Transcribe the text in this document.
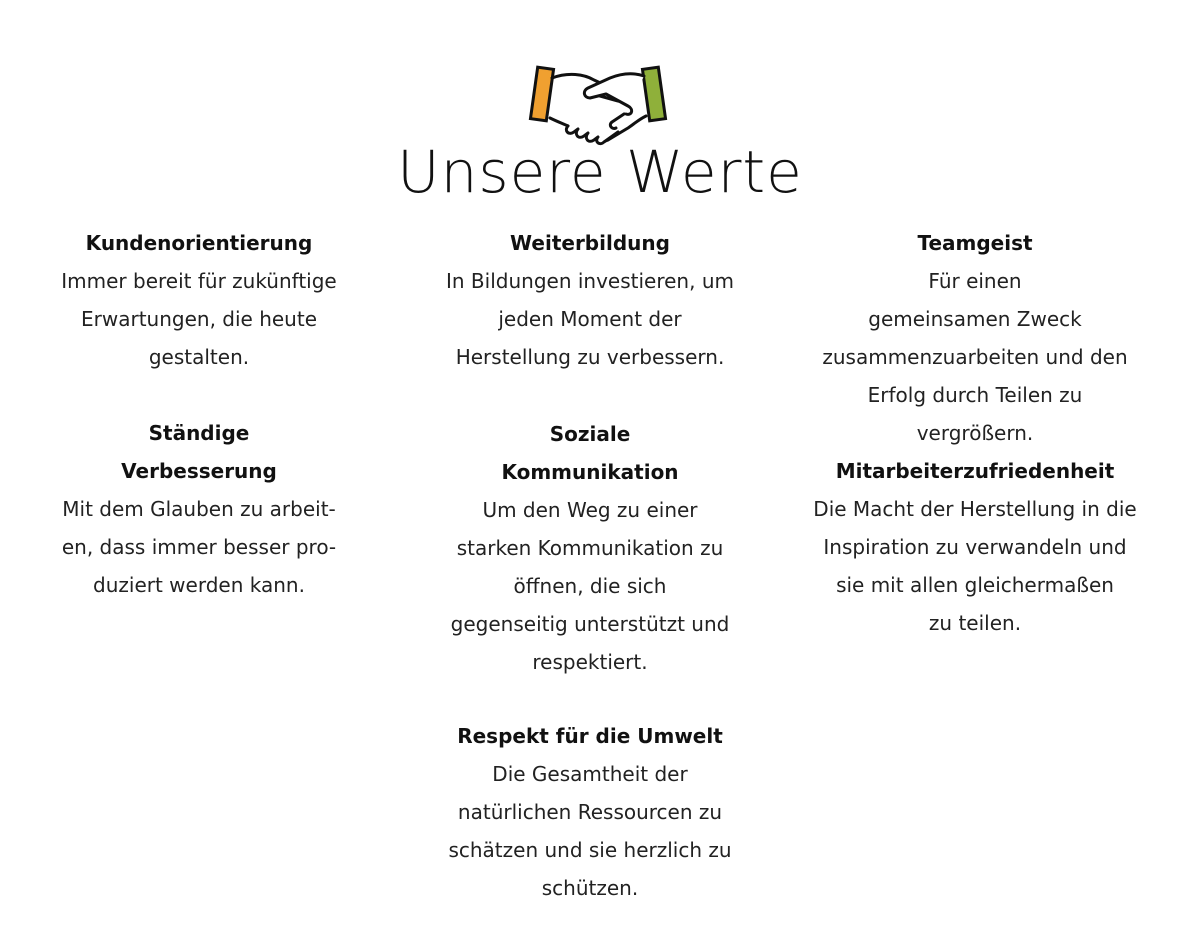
Unsere Werte

Kundenorientierung

Immer bereit für zukünftige
Erwartungen, die heute
gestalten.

Ständige
Verbesserung

Mit dem Glauben zu arbeit-
en, dass immer besser pro-
duziert werden kann.

Weiterbildung

In Bildungen investieren, um
jeden Moment der
Herstellung zu verbessern.

Soziale
Kommunikation

Um den Weg zu einer
starken Kommunikation zu
öffnen, die sich
gegenseitig unterstützt und
respektiert.

Respekt für die Umwelt

Die Gesamtheit der
natürlichen Ressourcen zu
schätzen und sie herzlich zu
schützen.

Teamgeist

Für einen
gemeinsamen Zweck
zusammenzuarbeiten und den
Erfolg durch Teilen zu
vergrößern.

Mitarbeiterzufriedenheit

Die Macht der Herstellung in die
Inspiration zu verwandeln und
sie mit allen gleichermaßen
zu teilen.
